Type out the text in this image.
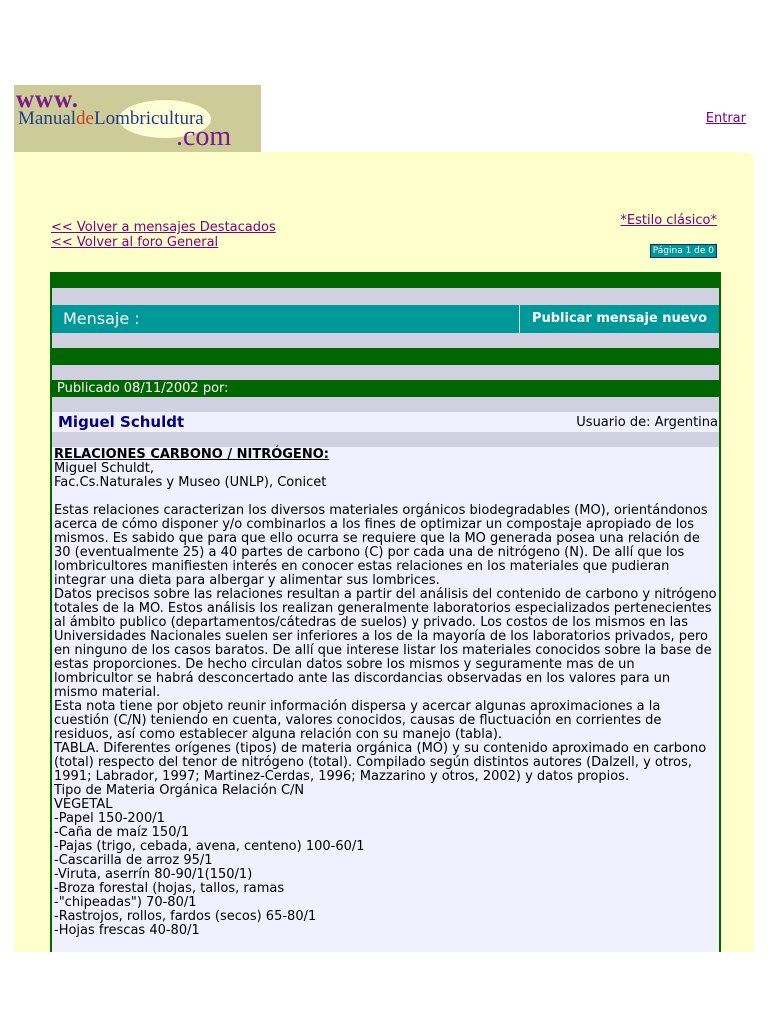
www.
ManualdeLombricultura
.com
Entrar
<< Volver a mensajes Destacados
<< Volver al foro General
*Estilo clásico*
Página 1 de 0
Mensaje :	Publicar mensaje nuevo
Publicado 08/11/2002 por:
Miguel Schuldt	Usuario de: Argentina
RELACIONES CARBONO / NITRÓGENO:
Miguel Schuldt,
Fac.Cs.Naturales y Museo (UNLP), Conicet

Estas relaciones caracterizan los diversos materiales orgánicos biodegradables (MO), orientándonos acerca de cómo disponer y/o combinarlos a los fines de optimizar un compostaje apropiado de los mismos. Es sabido que para que ello ocurra se requiere que la MO generada posea una relación de 30 (eventualmente 25) a 40 partes de carbono (C) por cada una de nitrógeno (N). De allí que los lombricultores manifiesten interés en conocer estas relaciones en los materiales que pudieran integrar una dieta para albergar y alimentar sus lombrices.
Datos precisos sobre las relaciones resultan a partir del análisis del contenido de carbono y nitrógeno totales de la MO. Estos análisis los realizan generalmente laboratorios especializados pertenecientes al ámbito publico (departamentos/cátedras de suelos) y privado. Los costos de los mismos en las Universidades Nacionales suelen ser inferiores a los de la mayoría de los laboratorios privados, pero en ninguno de los casos baratos. De allí que interese listar los materiales conocidos sobre la base de estas proporciones. De hecho circulan datos sobre los mismos y seguramente mas de un lombricultor se habrá desconcertado ante las discordancias observadas en los valores para un mismo material.
Esta nota tiene por objeto reunir información dispersa y acercar algunas aproximaciones a la cuestión (C/N) teniendo en cuenta, valores conocidos, causas de fluctuación en corrientes de residuos, así como establecer alguna relación con su manejo (tabla).
TABLA. Diferentes orígenes (tipos) de materia orgánica (MO) y su contenido aproximado en carbono (total) respecto del tenor de nitrógeno (total). Compilado según distintos autores (Dalzell, y otros, 1991; Labrador, 1997; Martinez-Cerdas, 1996; Mazzarino y otros, 2002) y datos propios.
Tipo de Materia Orgánica Relación C/N
VEGETAL
-Papel 150-200/1
-Caña de maíz 150/1
-Pajas (trigo, cebada, avena, centeno) 100-60/1
-Cascarilla de arroz 95/1
-Viruta, aserrín 80-90/1(150/1)
-Broza forestal (hojas, tallos, ramas
-"chipeadas") 70-80/1
-Rastrojos, rollos, fardos (secos) 65-80/1
-Hojas frescas 40-80/1
